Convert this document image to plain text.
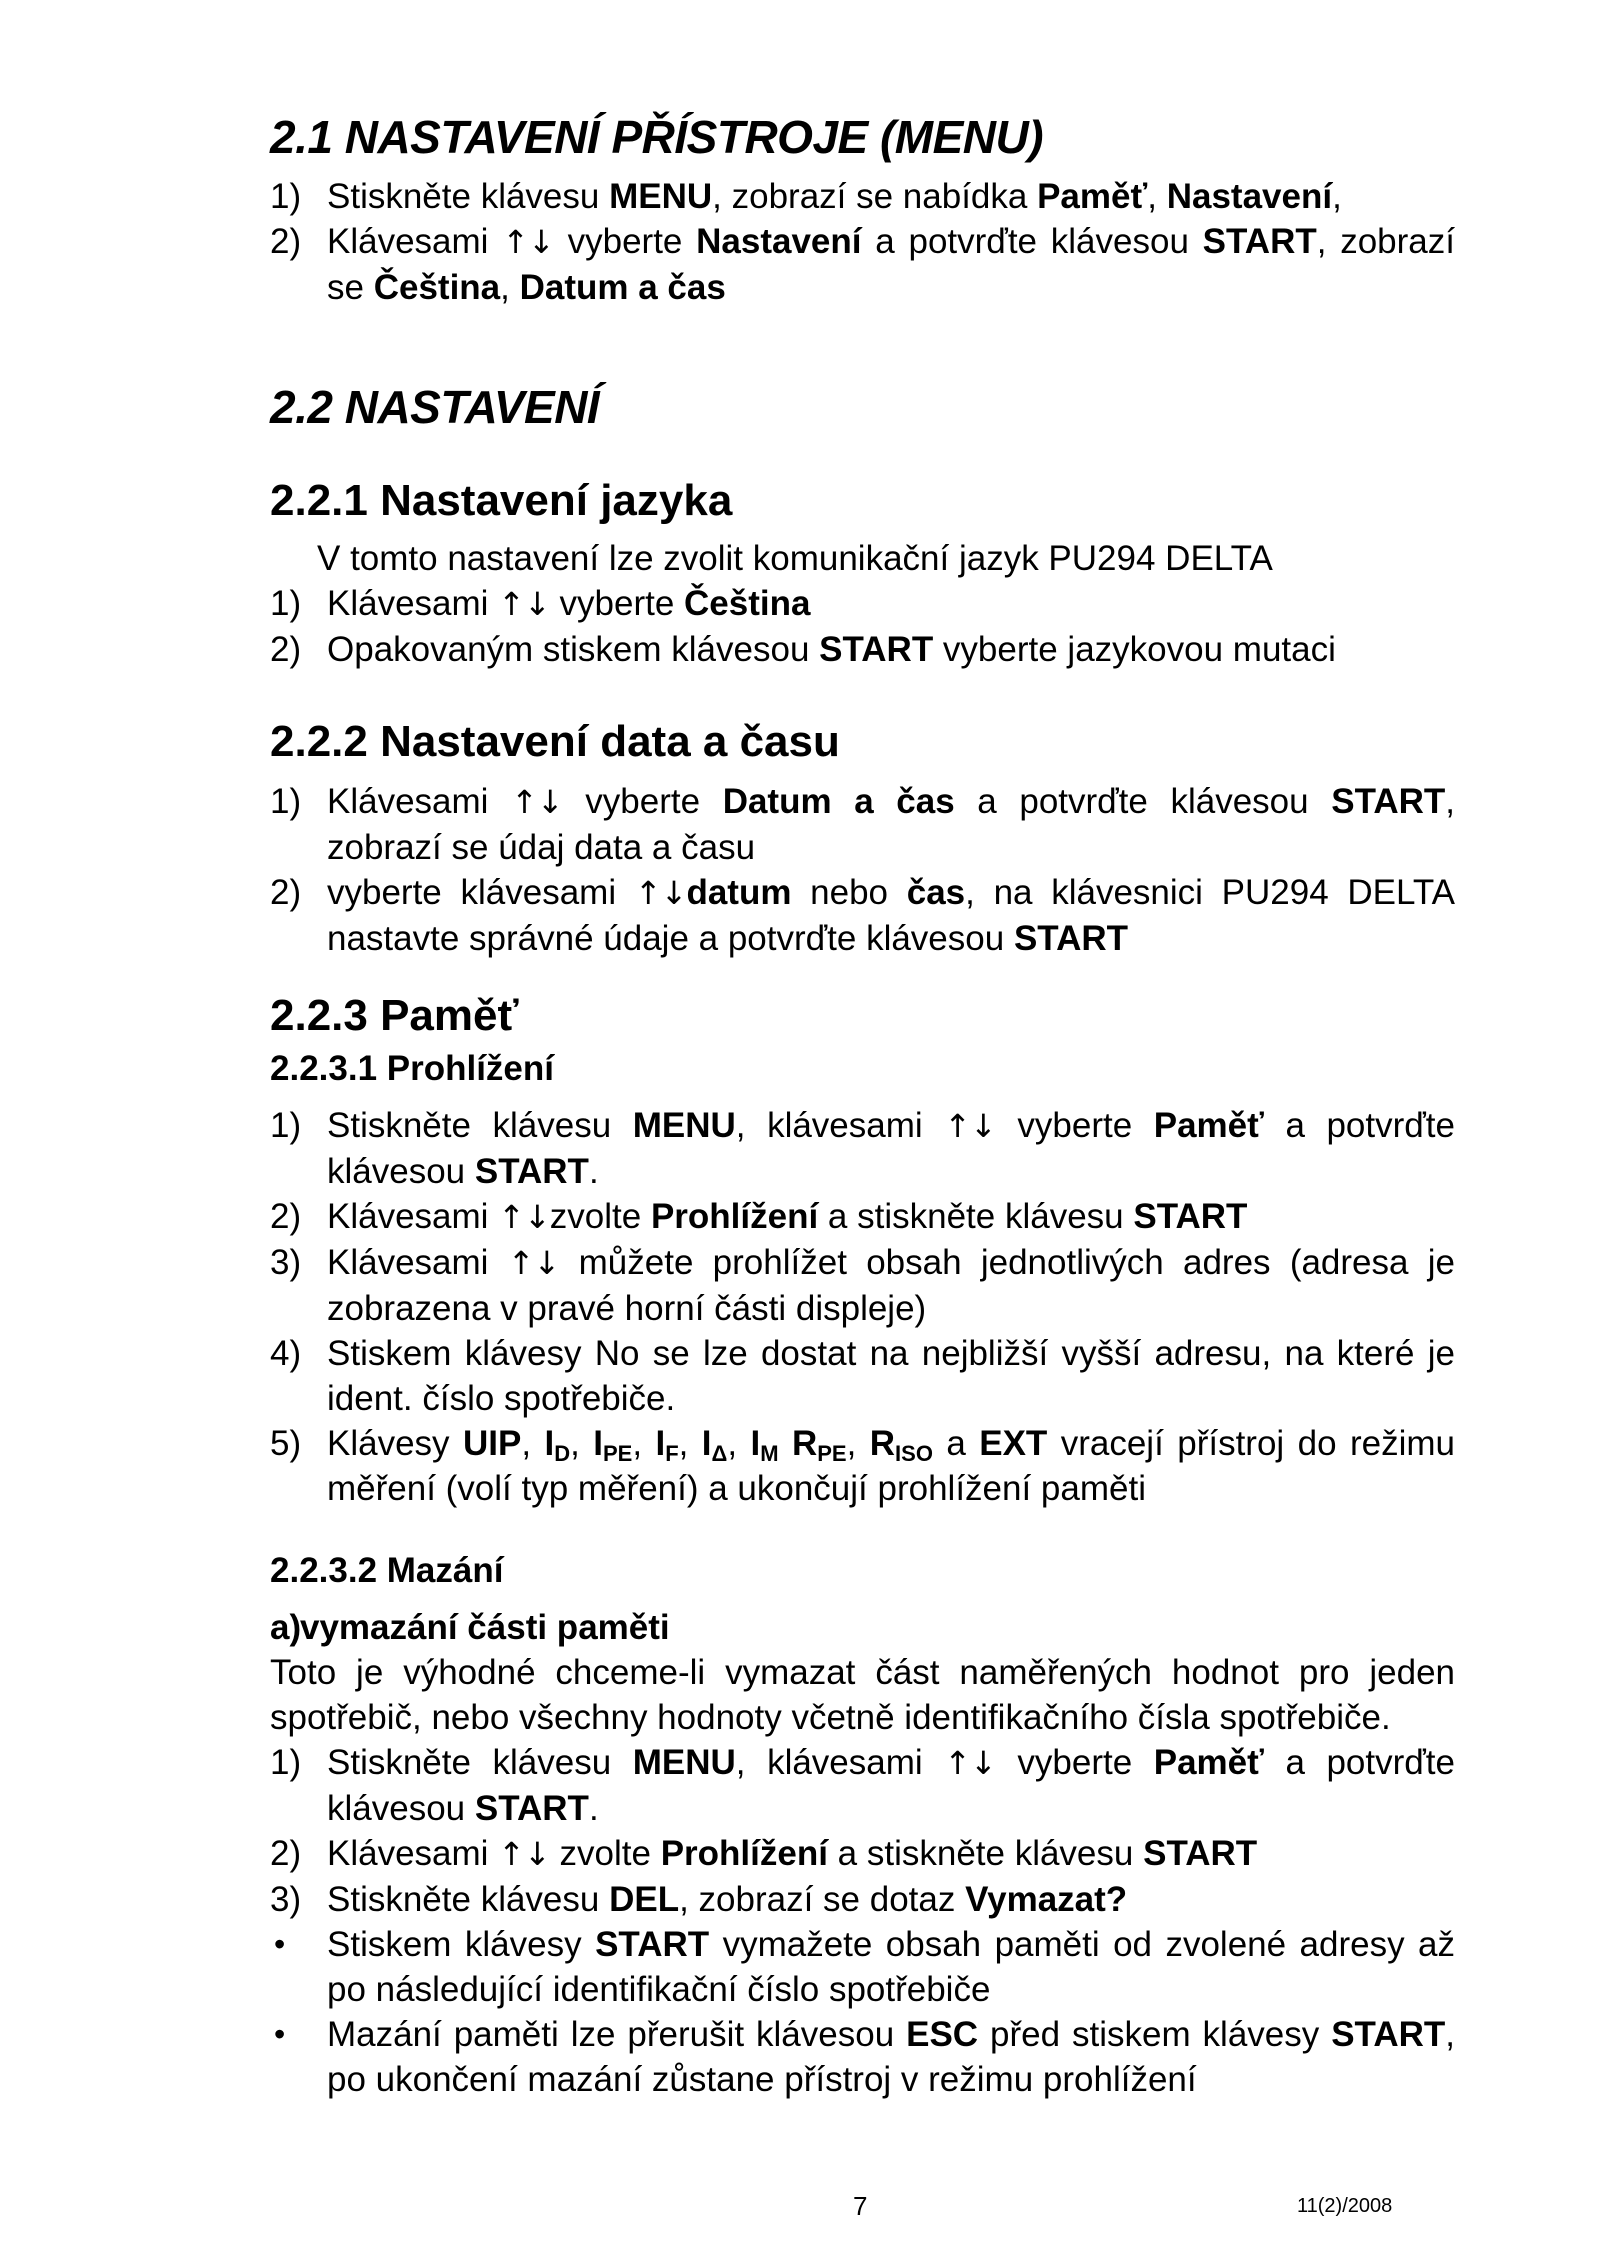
2.1 NASTAVENÍ PŘÍSTROJE (MENU)
1) Stiskněte klávesu MENU, zobrazí se nabídka Paměť, Nastavení,
2) Klávesami ↑↓ vyberte Nastavení a potvrďte klávesou START, zobrazí se Čeština, Datum a čas
2.2 NASTAVENÍ
2.2.1 Nastavení jazyka

V tomto nastavení lze zvolit komunikační jazyk PU294 DELTA

1) Klávesami ↑↓ vyberte Čeština
2) Opakovaným stiskem klávesou START vyberte jazykovou mutaci
2.2.2 Nastavení data a času
1) Klávesami ↑↓ vyberte Datum a čas a potvrďte klávesou START, zobrazí se údaj data a času
2) vyberte klávesami ↑↓datum nebo čas, na klávesnici PU294 DELTA nastavte správné údaje a potvrďte klávesou START
2.2.3 Paměť
2.2.3.1 Prohlížení
1) Stiskněte klávesu MENU, klávesami ↑↓ vyberte Paměť a potvrďte klávesou START.
2) Klávesami ↑↓zvolte Prohlížení a stiskněte klávesu START
3) Klávesami ↑↓ můžete prohlížet obsah jednotlivých adres (adresa je zobrazena v pravé horní části displeje)
4) Stiskem klávesy No se lze dostat na nejbližší vyšší adresu, na které je ident. číslo spotřebiče.
5) Klávesy UIP, $I_D$, $I_{PE}$, $I_F$, $I_\Delta$, $I_M$ $R_{PE}$, $R_{ISO}$ a EXT vracejí přístroj do režimu měření (volí typ měření) a ukončují prohlížení paměti
2.2.3.2 Mazání
a)
vymazání části paměti

Toto je výhodné chceme-li vymazat část naměřených hodnot pro jeden spotřebič, nebo všechny hodnoty včetně identifikačního čísla spotřebiče.

1) Stiskněte klávesu MENU, klávesami ↑↓ vyberte Paměť a potvrďte klávesou START.
2) Klávesami ↑↓ zvolte Prohlížení a stiskněte klávesu START
3) Stiskněte klávesu DEL, zobrazí se dotaz Vymazat?
•	Stiskem klávesy START vymažete obsah paměti od zvolené adresy až po následující identifikační číslo spotřebiče
•	Mazání paměti lze přerušit klávesou ESC před stiskem klávesy START, po ukončení mazání zůstane přístroj v režimu prohlížení
7	11(2)/2008
